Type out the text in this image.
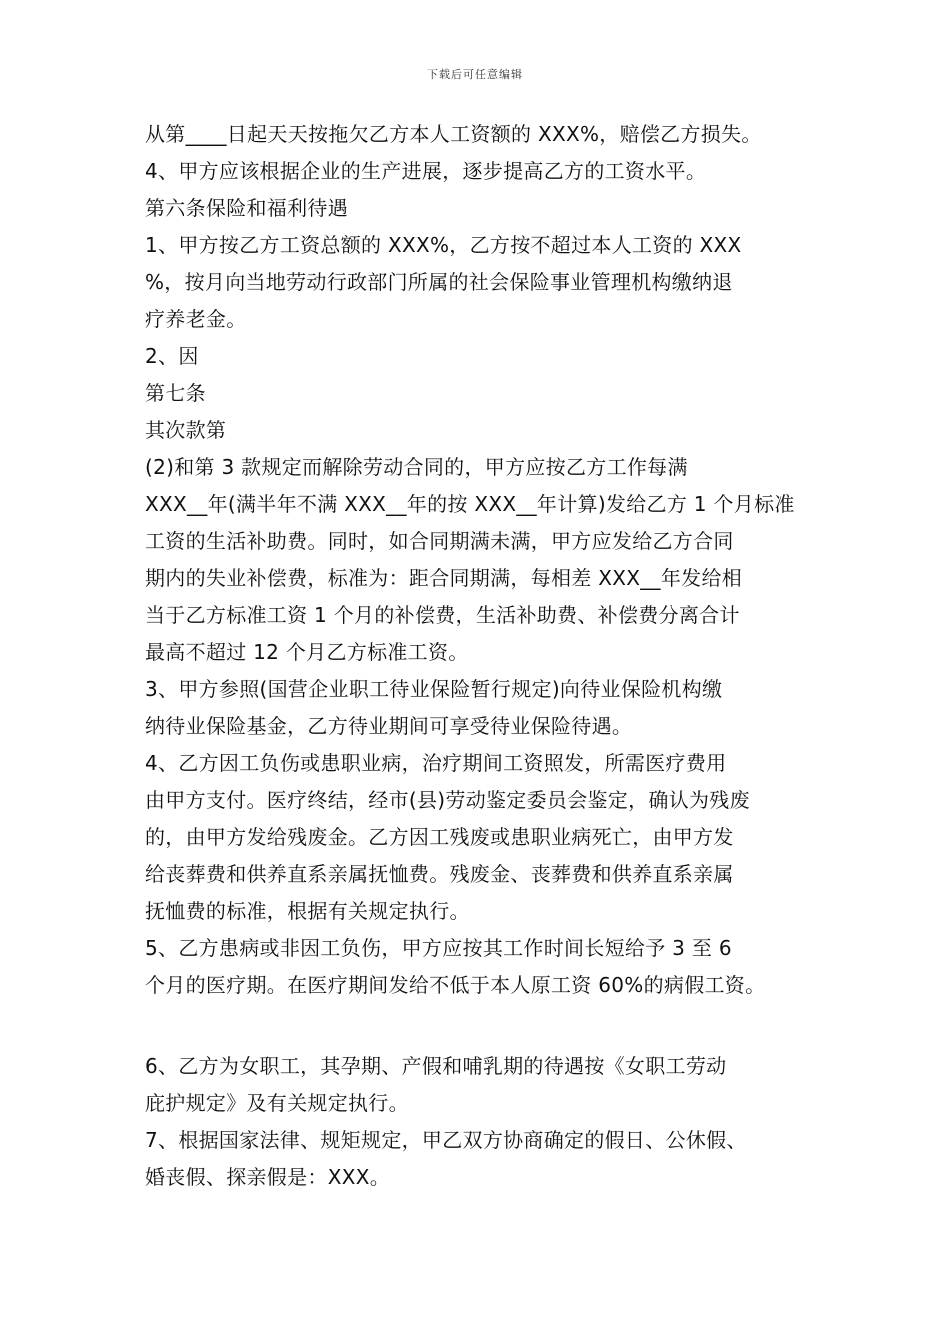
下载后可任意编辑
从第____日起天天按拖欠乙方本人工资额的 XXX%，赔偿乙方损失。
4、甲方应该根据企业的生产进展，逐步提高乙方的工资水平。
第六条保险和福利待遇
1、甲方按乙方工资总额的 XXX%，乙方按不超过本人工资的 XXX
%，按月向当地劳动行政部门所属的社会保险事业管理机构缴纳退
疗养老金。
2、因
第七条
其次款第
(2)和第 3 款规定而解除劳动合同的，甲方应按乙方工作每满
XXX__年(满半年不满 XXX__年的按 XXX__年计算)发给乙方 1 个月标准
工资的生活补助费。同时，如合同期满未满，甲方应发给乙方合同
期内的失业补偿费，标准为：距合同期满，每相差 XXX__年发给相
当于乙方标准工资 1 个月的补偿费，生活补助费、补偿费分离合计
最高不超过 12 个月乙方标准工资。
3、甲方参照(国营企业职工待业保险暂行规定)向待业保险机构缴
纳待业保险基金，乙方待业期间可享受待业保险待遇。
4、乙方因工负伤或患职业病，治疗期间工资照发，所需医疗费用
由甲方支付。医疗终结，经市(县)劳动鉴定委员会鉴定，确认为残废
的，由甲方发给残废金。乙方因工残废或患职业病死亡，由甲方发
给丧葬费和供养直系亲属抚恤费。残废金、丧葬费和供养直系亲属
抚恤费的标准，根据有关规定执行。
5、乙方患病或非因工负伤，甲方应按其工作时间长短给予 3 至 6
个月的医疗期。在医疗期间发给不低于本人原工资 60%的病假工资。
6、乙方为女职工，其孕期、产假和哺乳期的待遇按《女职工劳动
庇护规定》及有关规定执行。
7、根据国家法律、规矩规定，甲乙双方协商确定的假日、公休假、
婚丧假、探亲假是：XXX。
